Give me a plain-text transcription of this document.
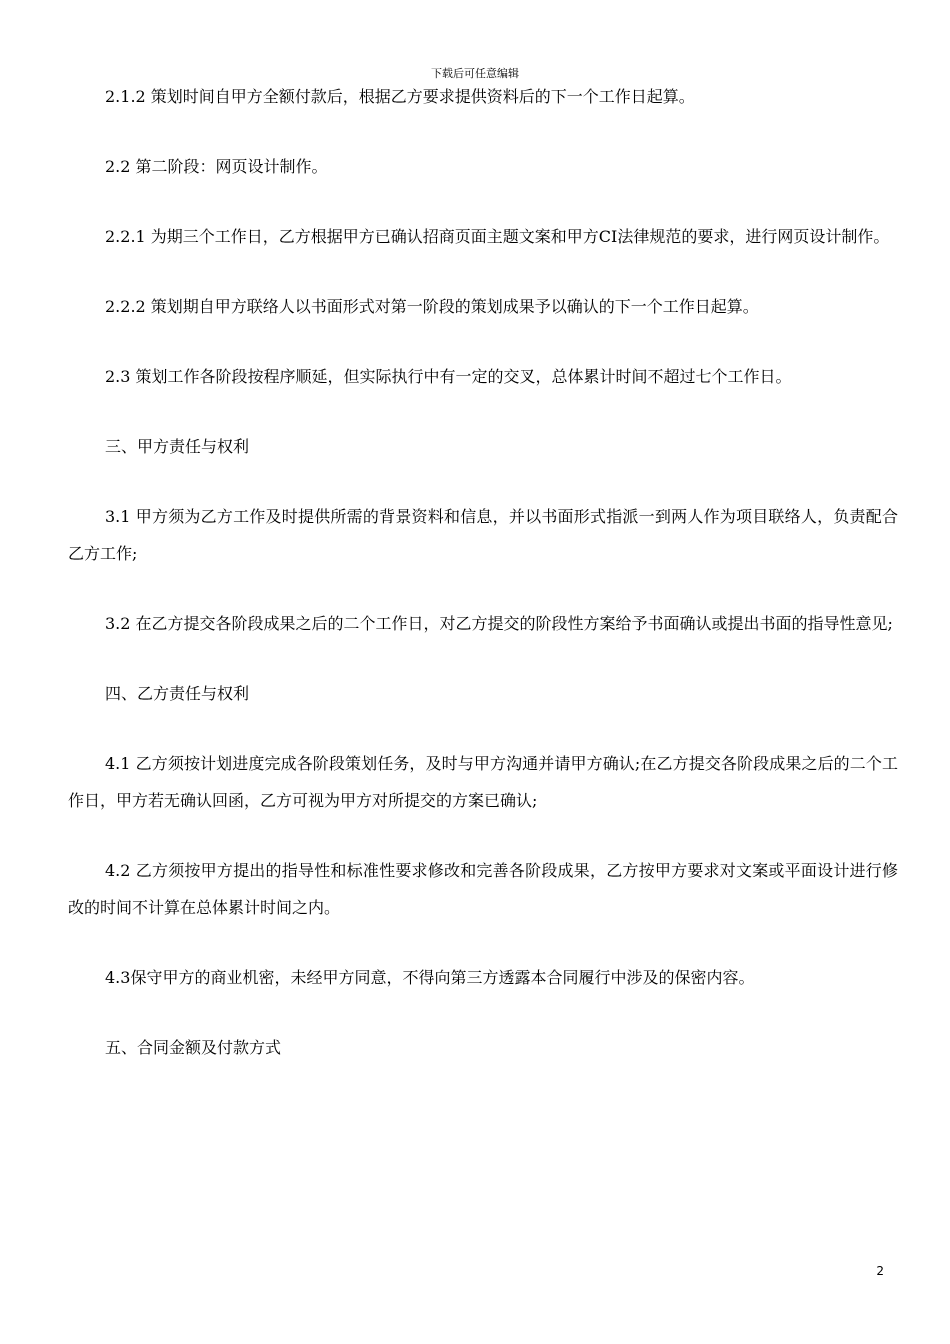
下载后可任意编辑

2.1.2 策划时间自甲方全额付款后，根据乙方要求提供资料后的下一个工作日起算。

2.2 第二阶段：网页设计制作。

2.2.1 为期三个工作日，乙方根据甲方已确认招商页面主题文案和甲方CI法律规范的要求，进行网页设计制作。

2.2.2 策划期自甲方联络人以书面形式对第一阶段的策划成果予以确认的下一个工作日起算。

2.3 策划工作各阶段按程序顺延，但实际执行中有一定的交叉，总体累计时间不超过七个工作日。

三、甲方责任与权利

3.1 甲方须为乙方工作及时提供所需的背景资料和信息，并以书面形式指派一到两人作为项目联络人，负责配合乙方工作;

3.2 在乙方提交各阶段成果之后的二个工作日，对乙方提交的阶段性方案给予书面确认或提出书面的指导性意见;

四、乙方责任与权利

4.1 乙方须按计划进度完成各阶段策划任务，及时与甲方沟通并请甲方确认;在乙方提交各阶段成果之后的二个工作日，甲方若无确认回函，乙方可视为甲方对所提交的方案已确认;

4.2 乙方须按甲方提出的指导性和标准性要求修改和完善各阶段成果，乙方按甲方要求对文案或平面设计进行修改的时间不计算在总体累计时间之内。

4.3保守甲方的商业机密，未经甲方同意，不得向第三方透露本合同履行中涉及的保密内容。

五、合同金额及付款方式

2
